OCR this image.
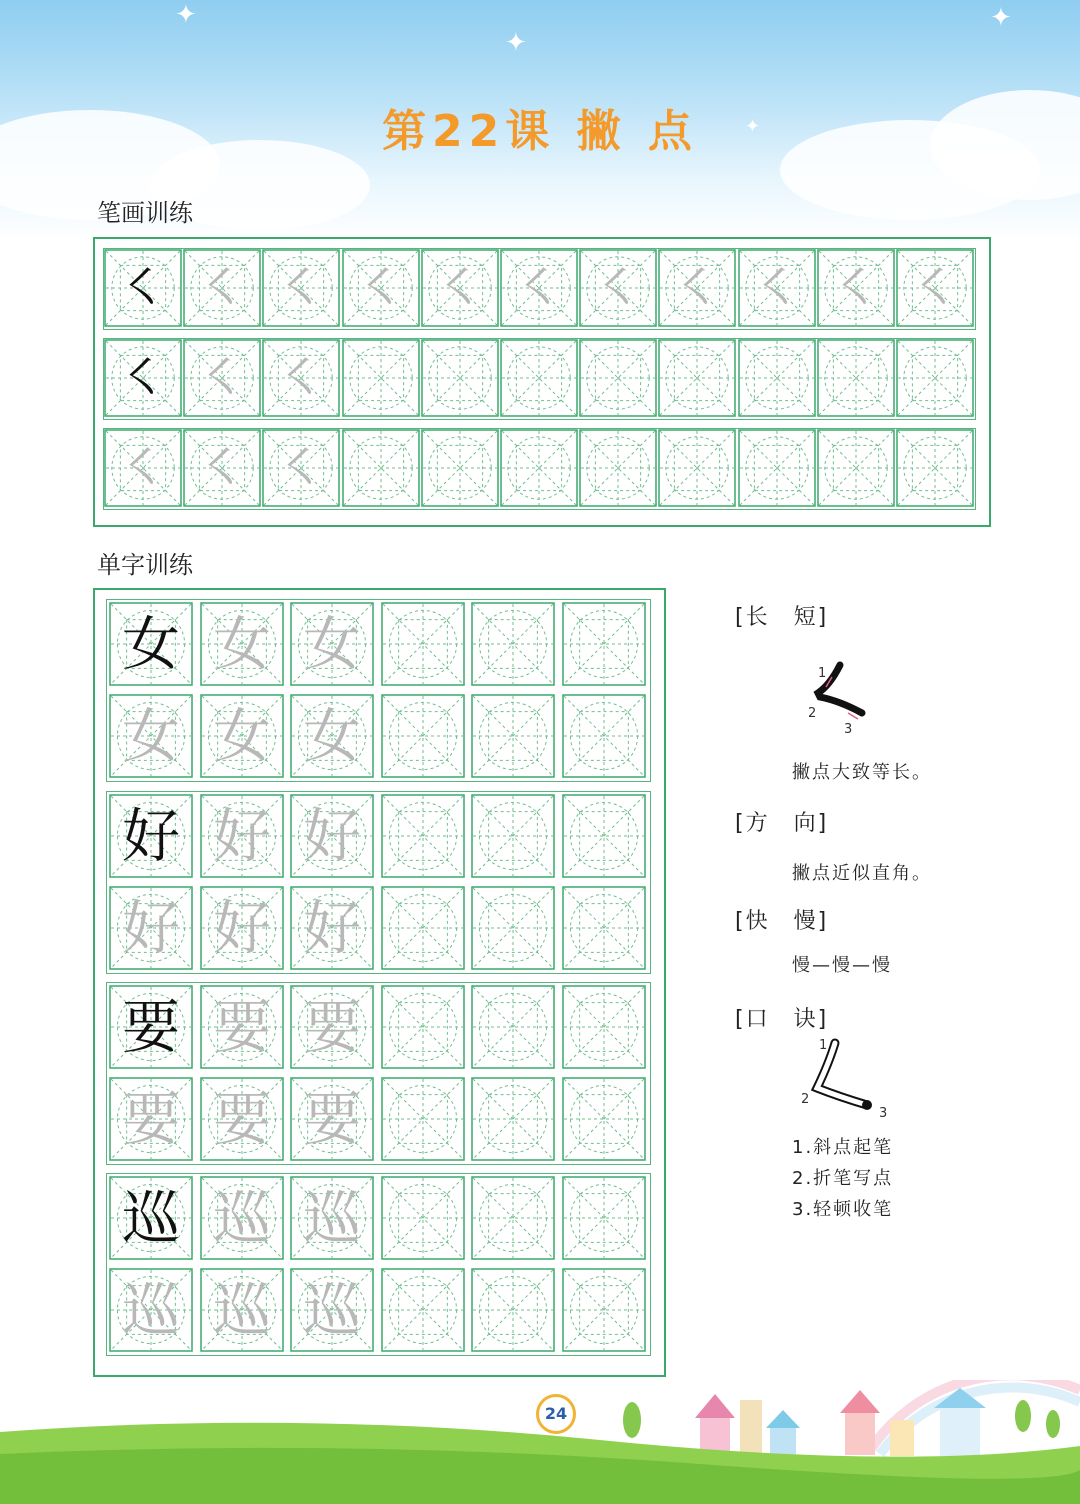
✦
✦
✦
✦
第22课 撇 点
笔画训练
单字训练
[长　短]
1
2
3
撇点大致等长。
[方　向]
撇点近似直角。
[快　慢]
慢—慢—慢
[口　诀]
1
2
3
1.斜点起笔
2.折笔写点
3.轻顿收笔
24
㇛ ㇛ ㇛ ㇛ ㇛ ㇛ ㇛ ㇛ ㇛ ㇛ ㇛
㇛ ㇛ ㇛
㇛ ㇛ ㇛
女 女 女
女 女 女
好 好 好
好 好 好
要 要 要
要 要 要
巡 巡 巡
巡 巡 巡
